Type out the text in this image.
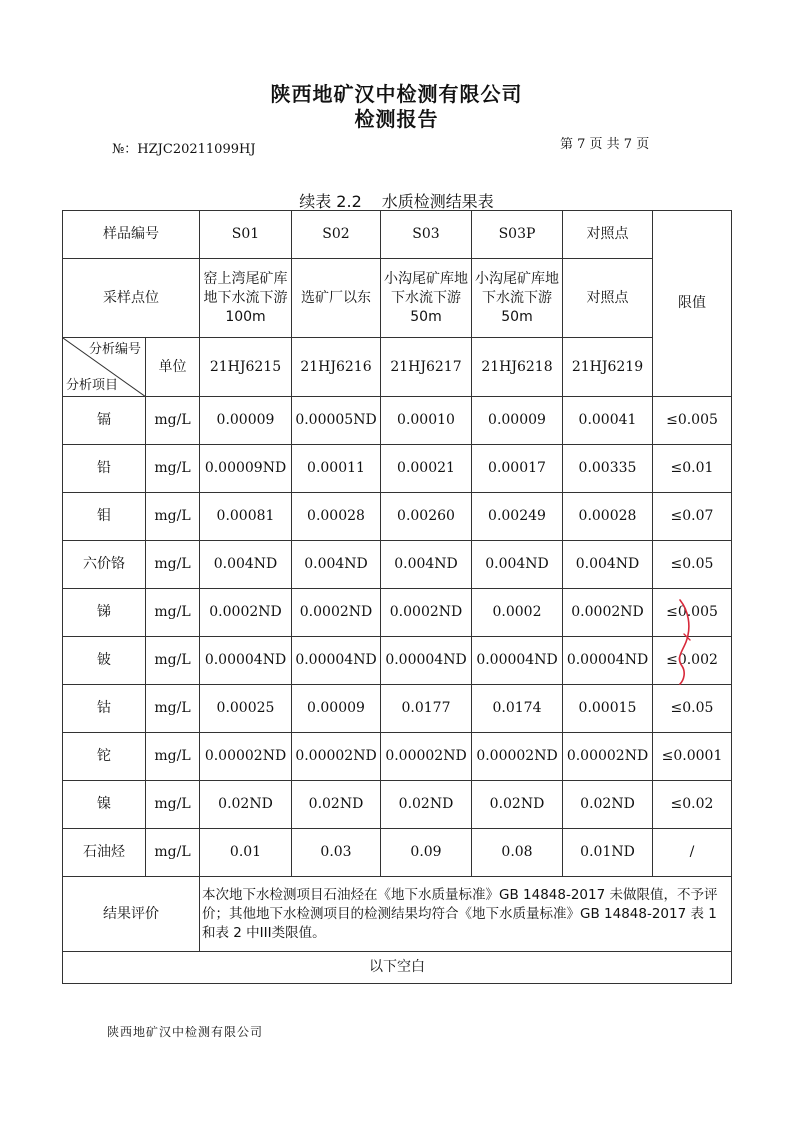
陕西地矿汉中检测有限公司
检测报告
№：HZJC20211099HJ	第 7 页 共 7 页
续表 2.2 水质检测结果表
样品编号		S01	S02	S03	S03P	对照点	限值
采样点位		窑上湾尾矿库地下水流下游 100m	选矿厂以东	小沟尾矿库地下水流下游 50m	小沟尾矿库地下水流下游 50m	对照点	

分析编号
分析项目	单位	21HJ6215	21HJ6216	21HJ6217	21HJ6218	21HJ6219	
镉	mg/L	0.00009	0.00005ND	0.00010	0.00009	0.00041	≤0.005
铅	mg/L	0.00009ND	0.00011	0.00021	0.00017	0.00335	≤0.01
钼	mg/L	0.00081	0.00028	0.00260	0.00249	0.00028	≤0.07
六价铬	mg/L	0.004ND	0.004ND	0.004ND	0.004ND	0.004ND	≤0.05
锑	mg/L	0.0002ND	0.0002ND	0.0002ND	0.0002	0.0002ND	≤0.005
铍	mg/L	0.00004ND	0.00004ND	0.00004ND	0.00004ND	0.00004ND	≤0.002
钴	mg/L	0.00025	0.00009	0.0177	0.0174	0.00015	≤0.05
铊	mg/L	0.00002ND	0.00002ND	0.00002ND	0.00002ND	0.00002ND	≤0.0001
镍	mg/L	0.02ND	0.02ND	0.02ND	0.02ND	0.02ND	≤0.02
石油烃	mg/L	0.01	0.03	0.09	0.08	0.01ND	/
结果评价		本次地下水检测项目石油烃在《地下水质量标准》GB 14848-2017 未做限值，不予评价；其他地下水检测项目的检测结果均符合《地下水质量标准》GB 14848-2017 表 1 和表 2 中III类限值。					
以下空白							
陕西地矿汉中检测有限公司
